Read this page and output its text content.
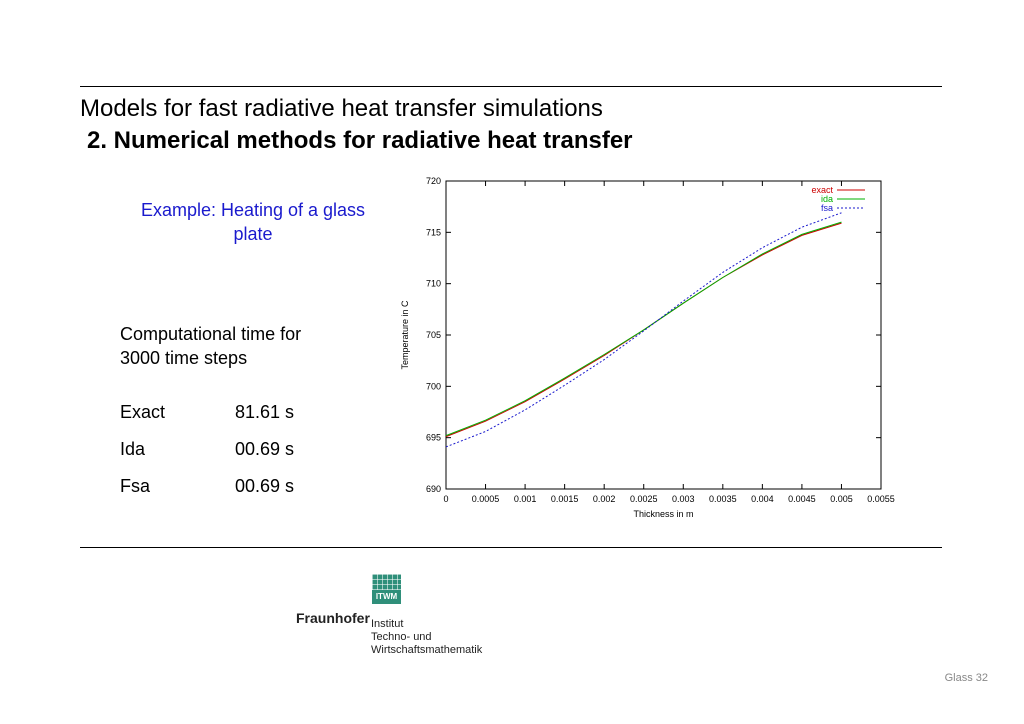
Models for fast radiative heat transfer simulations
2. Numerical methods for radiative heat transfer
Example: Heating of a glass plate
Computational time for
3000 time steps
Exact	81.61 s
Ida	00.69 s
Fsa	00.69 s
0	0.0005 0.001 0.0015 0.002 0.0025 0.003 0.0035 0.004 0.0045 0.005 0.0055
690
695
700
705
710
715
720
Thickness in m
Temperature in C
exact
ida
fsa
ITWM
Fraunhofer Institut
Techno- und
Wirtschaftsmathematik
Glass 32
